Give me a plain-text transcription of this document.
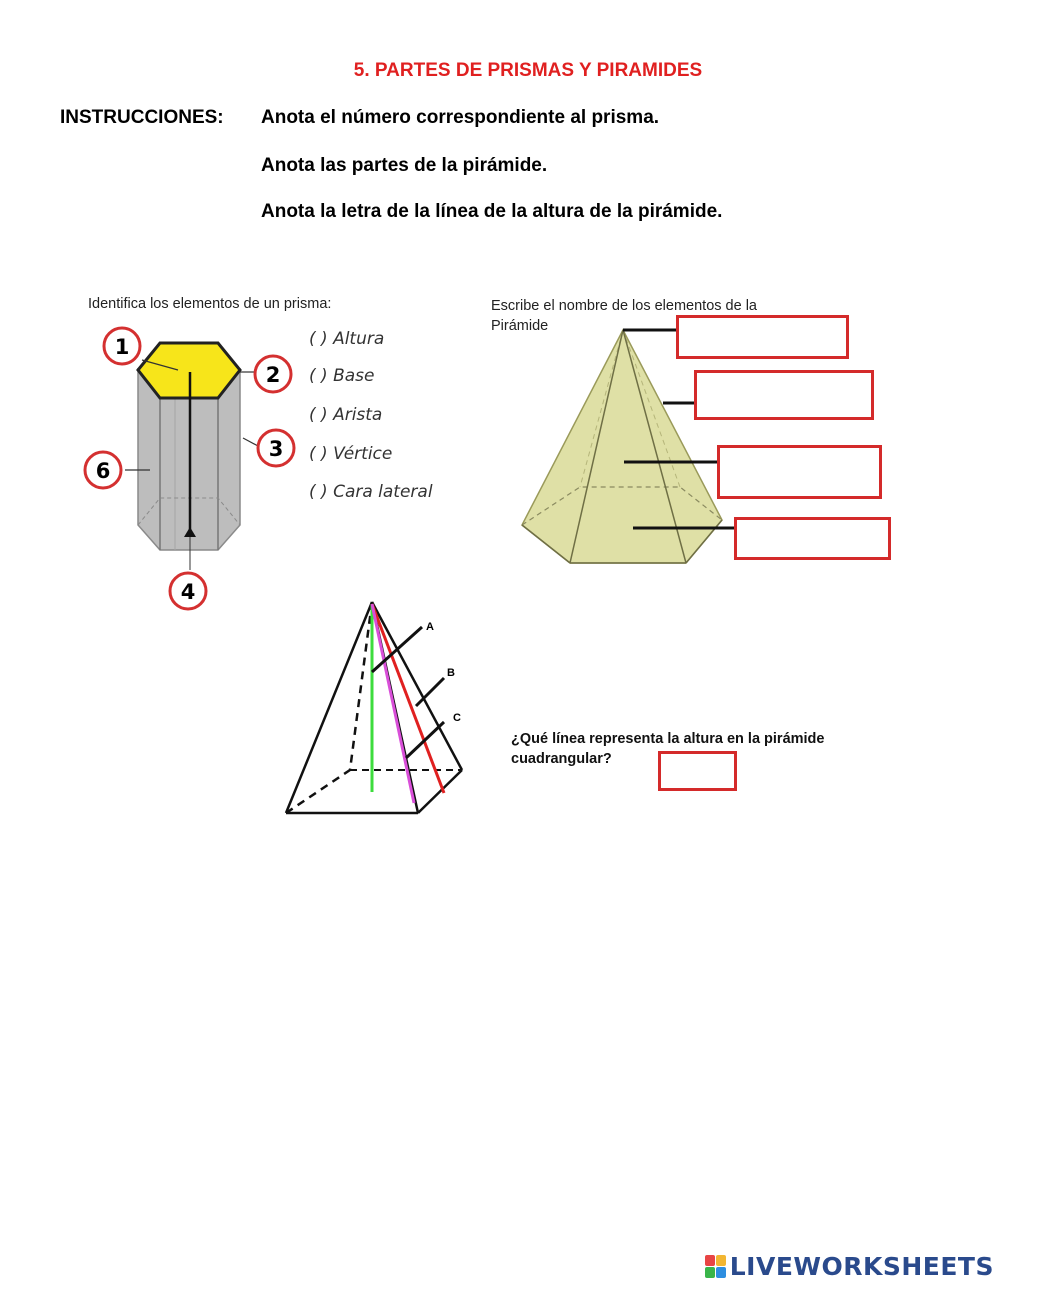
5. PARTES DE PRISMAS Y PIRAMIDES
INSTRUCCIONES: Anota el número correspondiente al prisma.
Anota las partes de la pirámide.
Anota la letra de la línea de la altura de la pirámide.
Identifica los elementos de un prisma:
1
2
3
4
6
( ) Altura
( ) Base
( ) Arista
( ) Vértice
( ) Cara lateral
Escribe el nombre de los elementos de la
Pirámide
A
B
C
¿Qué línea representa la altura en la pirámide
cuadrangular?
LIVEWORKSHEETS
